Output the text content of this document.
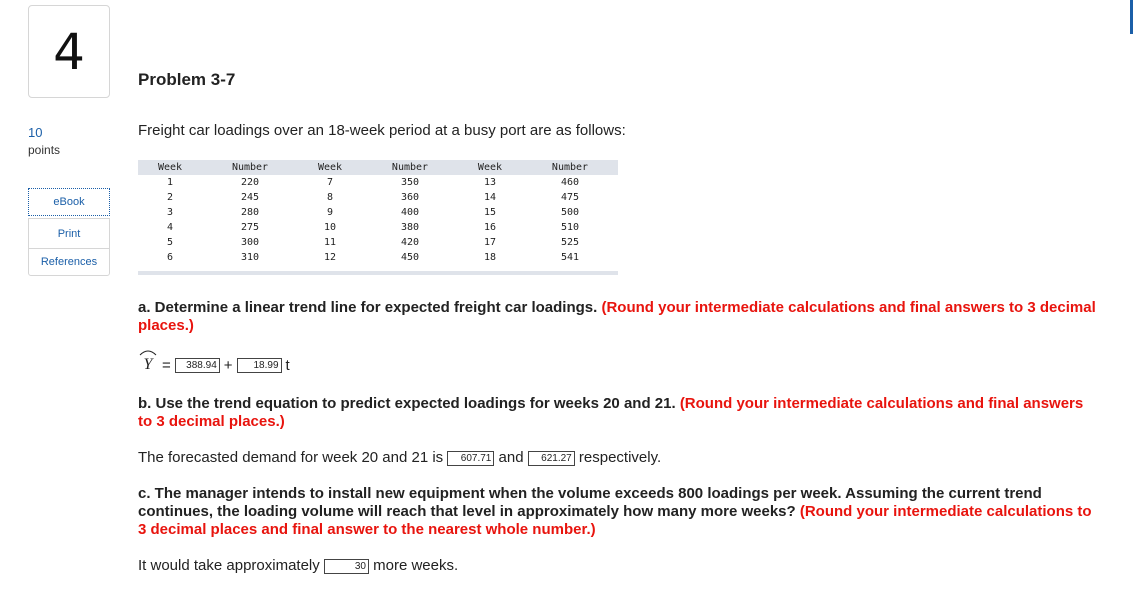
4
10
points
eBook
Print
References
Problem 3-7
Freight car loadings over an 18-week period at a busy port are as follows:
Week	Number	Week	Number	Week	Number
1	220	7	350	13	460
2	245	8	360	14	475
3	280	9	400	15	500
4	275	10	380	16	510
5	300	11	420	17	525
6	310	12	450	18	541
a. Determine a linear trend line for expected freight car loadings. (Round your intermediate calculations and final answers to 3 decimal places.)
Y =	388.94 +	18.99 t
b. Use the trend equation to predict expected loadings for weeks 20 and 21. (Round your intermediate calculations and final answers to 3 decimal places.)
The forecasted demand for week 20 and 21 is 607.71 and 621.27 respectively.
c. The manager intends to install new equipment when the volume exceeds 800 loadings per week. Assuming the current trend continues, the loading volume will reach that level in approximately how many more weeks? (Round your intermediate calculations to 3 decimal places and final answer to the nearest whole number.)
It would take approximately	30 more weeks.
